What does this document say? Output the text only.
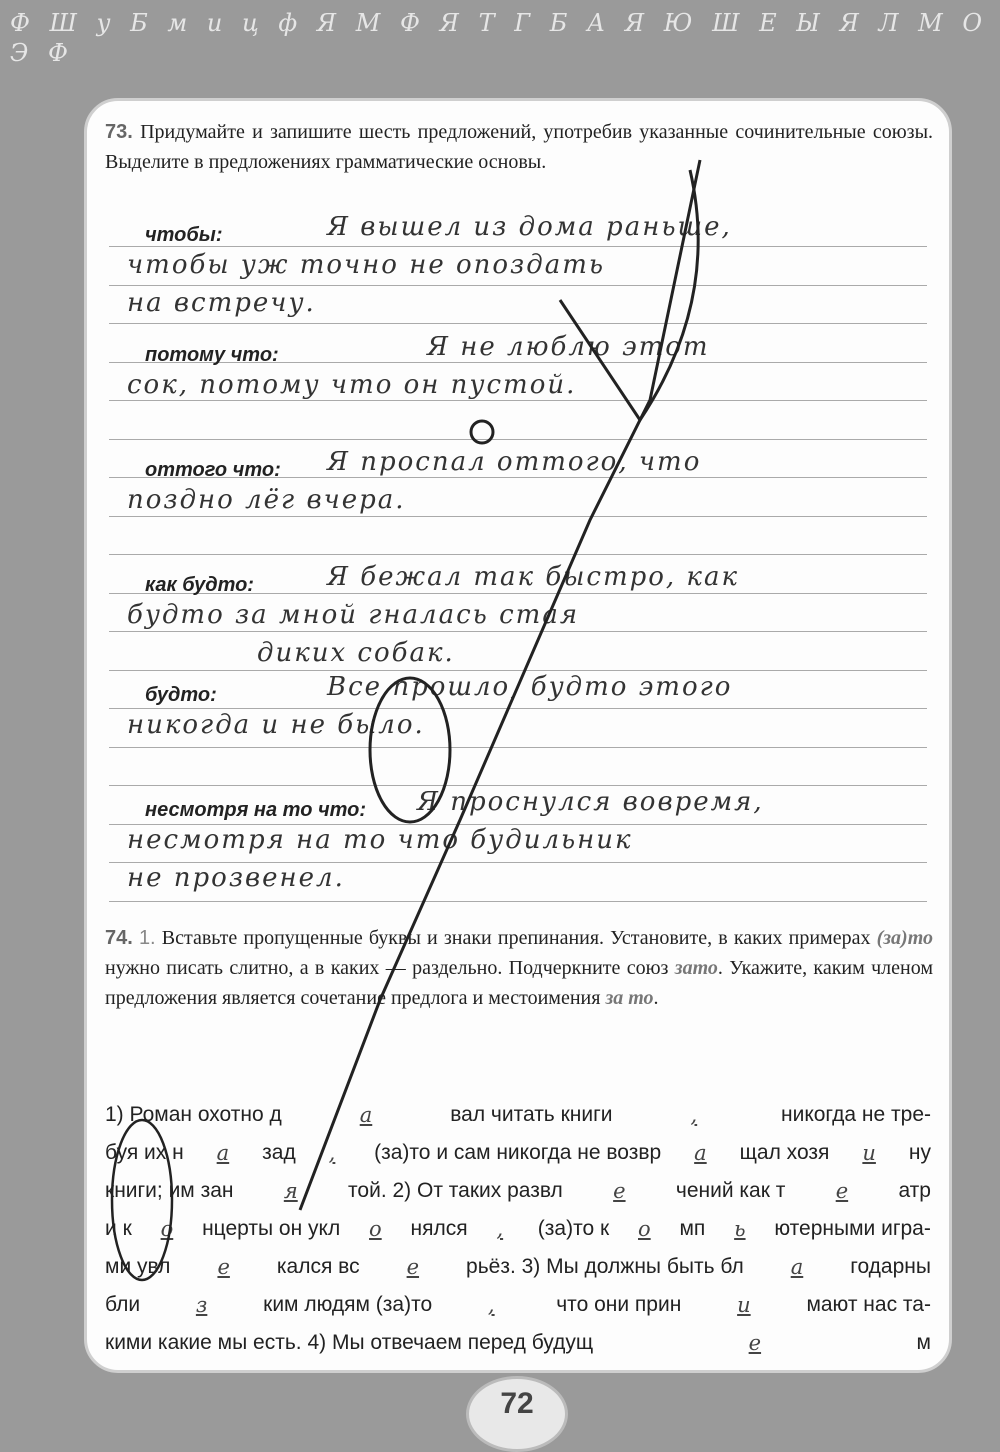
Ф Ш у Б м и ц ф Я М Ф Я Т Г Б А Я Ю Ш Е Ы Я Л М О Э Ф
73. Придумайте и запишите шесть предложений, употребив указанные сочинительные союзы. Выделите в предложениях грамматические основы.
чтобы:	Я вышел из дома раньше,
чтобы уж точно не опоздать
на встречу.
потому что:	Я не люблю этот
сок, потому что он пустой.
оттого что: Я проспал оттого, что
поздно лёг вчера.
как будто:	Я бежал так быстро, как
будто за мной гналась стая
диких собак.
будто:	Все прошло, будто этого
никогда и не было.
несмотря на то что: Я проснулся вовремя,
несмотря на то что будильник
не прозвенел.
74. 1. Вставьте пропущенные буквы и знаки препинания. Установите, в каких примерах (за)то нужно писать слитно, а в каких — раздельно. Подчеркните союз зато. Укажите, каким членом предложения является сочетание предлога и местоимения за то.
1) Роман охотно д	а	вал читать книги	,	никогда не тре-
буя их н а зад , (за)то и сам никогда не возвр а щал хозя и ну
книги; им зан я той. 2) От таких развл е чений как т е атр
и к о нцерты он укл о нялся , (за)то к о мп ь ютерными игра-
ми увл е кался вс е рьёз. 3) Мы должны быть бл а годарны
бли	з	ким людям (за)то	,	что они прин	и	мают нас та-
кими какие мы есть. 4) Мы отвечаем перед будущ	е	м
72
